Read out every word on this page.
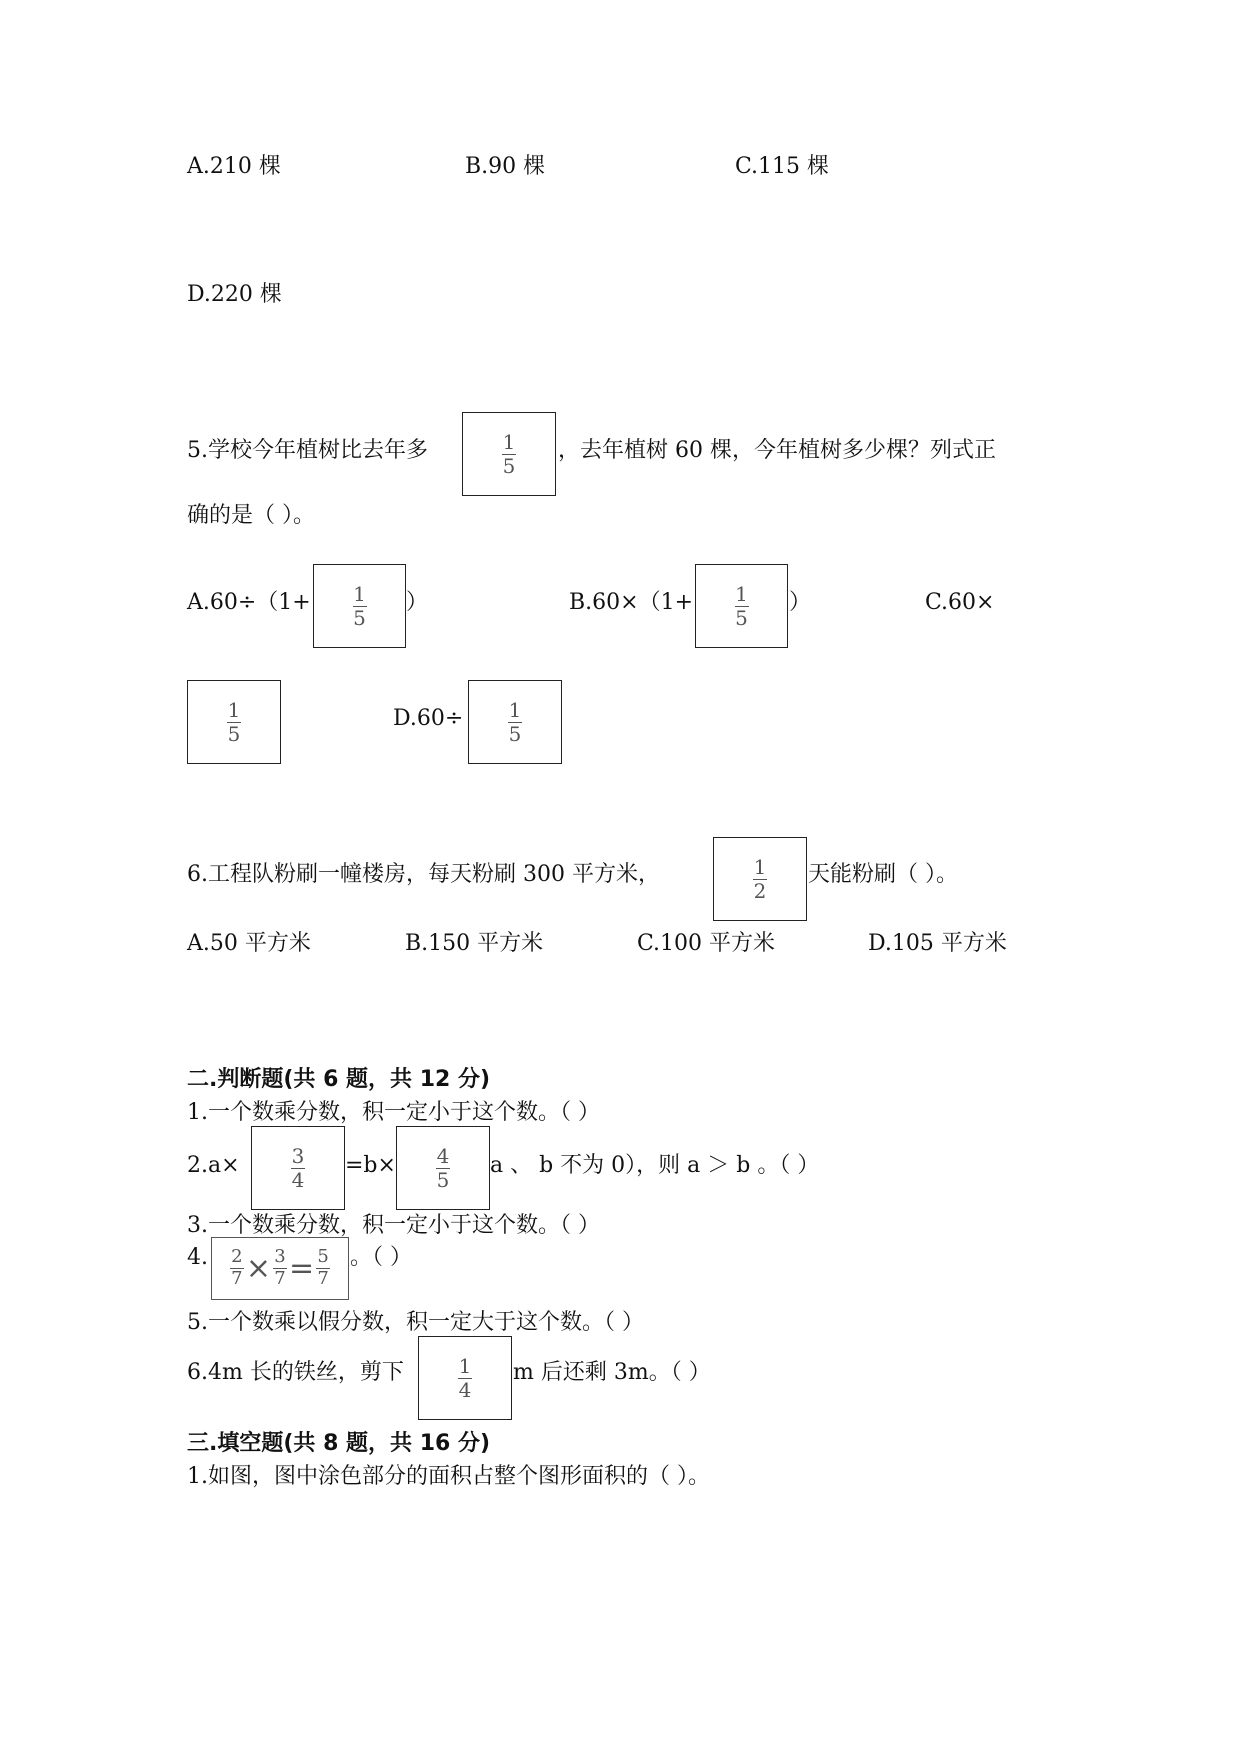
A.210 棵	B.90 棵	C.115 棵
D.220 棵
5.学校今年植树比去年多	$\frac{1}{5}$ ，去年植树 60 棵，今年植树多少棵？列式正
确的是（ ）。
$A.60\div(1+ \frac{1}{5}$ ）	$B.60\times(1+ \frac{1}{5}$ ）	C.60×
$\frac{1}{5}$	$D.60\div \frac{1}{5}$
6.工程队粉刷一幢楼房，每天粉刷 300 平方米，	$\frac{1}{2}$ 天能粉刷（ ）。
A.50 平方米	B.150 平方米	C.100 平方米	D.105 平方米
二.判断题(共 6 题，共 12 分)
1.一个数乘分数，积一定小于这个数。（ ）
2.a×	$\frac{3}{4} =b\times \frac{4}{5}$ a 、 b 不为 0），则 a ＞ b 。（ ）
3.一个数乘分数，积一定小于这个数。（ ）
4. $\frac{2}{7} \times \frac{3}{7} = \frac{5}{7}$ 。（ ）
5.一个数乘以假分数，积一定大于这个数。（ ）
6.4m 长的铁丝，剪下	$\frac{1}{4}$ m 后还剩 3m。（ ）
三.填空题(共 8 题，共 16 分)
1.如图，图中涂色部分的面积占整个图形面积的（ ）。
